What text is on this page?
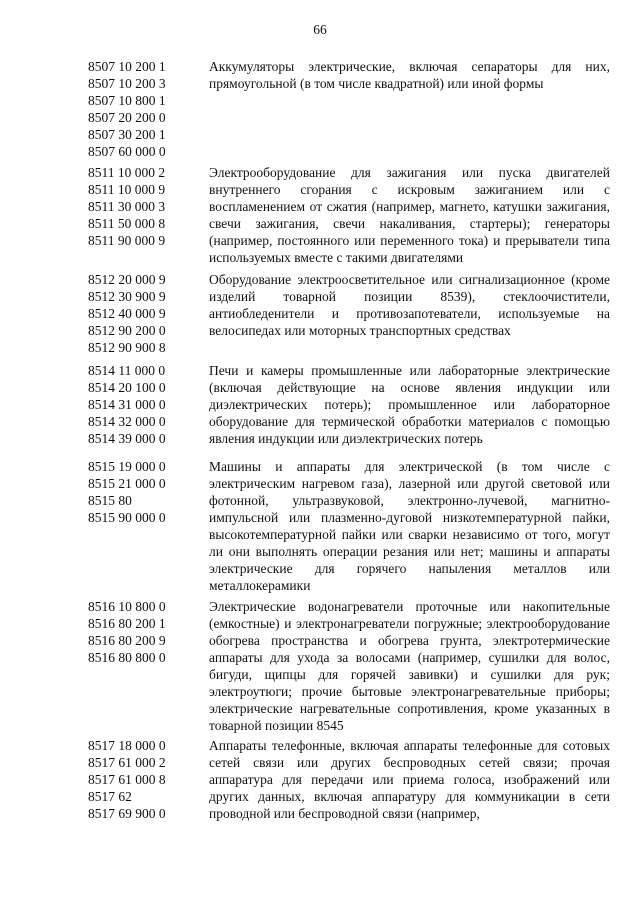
66
8507 10 200 1
8507 10 200 3
8507 10 800 1
8507 20 200 0
8507 30 200 1
8507 60 000 0
Аккумуляторы электрические, включая сепараторы для них, прямоугольной (в том числе квадратной) или иной формы
8511 10 000 2
8511 10 000 9
8511 30 000 3
8511 50 000 8
8511 90 000 9
Электрооборудование для зажигания или пуска двигателей внутреннего сгорания с искровым зажиганием или с воспламенением от сжатия (например, магнето, катушки зажигания, свечи зажигания, свечи накаливания, стартеры); генераторы (например, постоянного или переменного тока) и прерыватели типа используемых вместе с такими двигателями
8512 20 000 9
8512 30 900 9
8512 40 000 9
8512 90 200 0
8512 90 900 8
Оборудование электроосветительное или сигнализационное (кроме изделий товарной позиции 8539), стеклоочистители, антиобледенители и противозапотеватели, используемые на велосипедах или моторных транспортных средствах
8514 11 000 0
8514 20 100 0
8514 31 000 0
8514 32 000 0
8514 39 000 0
Печи и камеры промышленные или лабораторные электрические (включая действующие на основе явления индукции или диэлектрических потерь); промышленное или лабораторное оборудование для термической обработки материалов с помощью явления индукции или диэлектрических потерь
8515 19 000 0
8515 21 000 0
8515 80
8515 90 000 0
Машины и аппараты для электрической (в том числе с электрическим нагревом газа), лазерной или другой световой или фотонной, ультразвуковой, электронно-лучевой, магнитно-импульсной или плазменно-дуговой низкотемпературной пайки, высокотемпературной пайки или сварки независимо от того, могут ли они выполнять операции резания или нет; машины и аппараты электрические для горячего напыления металлов или металлокерамики
8516 10 800 0
8516 80 200 1
8516 80 200 9
8516 80 800 0
Электрические водонагреватели проточные или накопительные (емкостные) и электронагреватели погружные; электрооборудование обогрева пространства и обогрева грунта, электротермические аппараты для ухода за волосами (например, сушилки для волос, бигуди, щипцы для горячей завивки) и сушилки для рук; электроутюги; прочие бытовые электронагревательные приборы; электрические нагревательные сопротивления, кроме указанных в товарной позиции 8545
8517 18 000 0
8517 61 000 2
8517 61 000 8
8517 62
8517 69 900 0
Аппараты телефонные, включая аппараты телефонные для сотовых сетей связи или других беспроводных сетей связи; прочая аппаратура для передачи или приема голоса, изображений или других данных, включая аппаратуру для коммуникации в сети проводной или беспроводной связи (например,
